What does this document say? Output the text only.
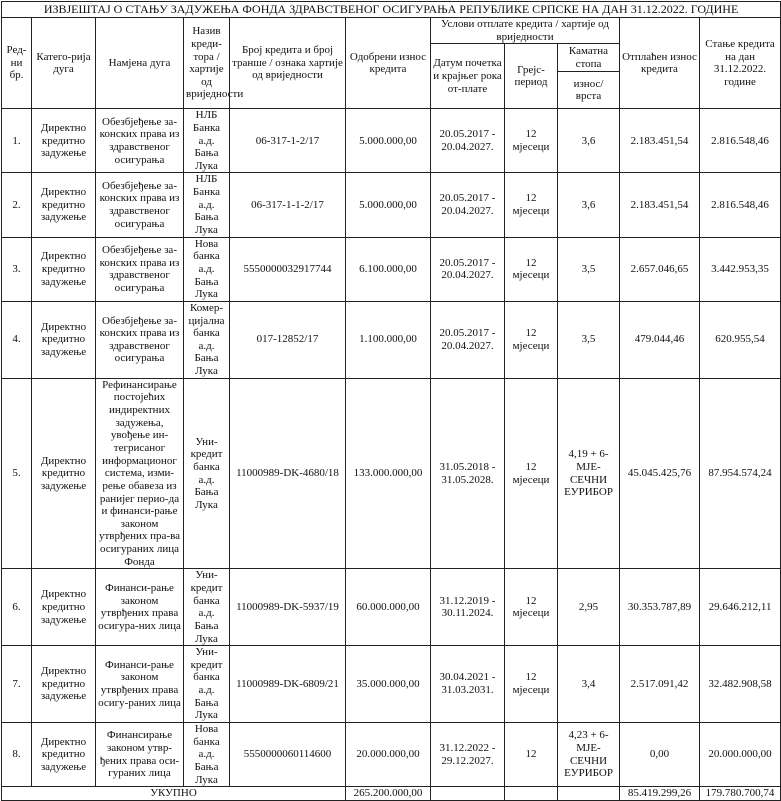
ИЗВЈЕШТАЈ О СТАЊУ ЗАДУЖЕЊА ФОНДА ЗДРАВСТВЕНОГ ОСИГУРАЊА РЕПУБЛИКЕ СРПСКЕ НА ДАН 31.12.2022. ГОДИНЕ										
Ред-ни бр.	Катего-рија дуга	Намјена дуга	Назив креди-тора / хартије од вриједности	Број кредита и број транше / ознака хартије од вриједности	Одобрени износ кредита	Услови отплате кредита / хартије од вриједности			Отплаћен износ кредита	Стање кредита на дан 31.12.2022. године
						Датум почетка и крајњег рока от-плате	Грејс-период	Каматна стопа		
								износ/ врста		
1.	Директно кредитно задужење	Обезбјеђење за-конских права из здравственог осигурања	НЛБ Банка а.д. Бања Лука	06-317-1-2/17	5.000.000,00	20.05.2017 - 20.04.2027.	12 мјесеци	3,6	2.183.451,54	2.816.548,46
2.	Директно кредитно задужење	Обезбјеђење за-конских права из здравственог осигурања	НЛБ Банка а.д. Бања Лука	06-317-1-1-2/17	5.000.000,00	20.05.2017 - 20.04.2027.	12 мјесеци	3,6	2.183.451,54	2.816.548,46
3.	Директно кредитно задужење	Обезбјеђење за-конских права из здравственог осигурања	Нова банка а.д. Бања Лука	5550000032917744	6.100.000,00	20.05.2017 - 20.04.2027.	12 мјесеци	3,5	2.657.046,65	3.442.953,35
4.	Директно кредитно задужење	Обезбјеђење за-конских права из здравственог осигурања	Комер-цијална банка а.д. Бања Лука	017-12852/17	1.100.000,00	20.05.2017 - 20.04.2027.	12 мјесеци	3,5	479.044,46	620.955,54
5.	Директно кредитно задужење	Рефинансирање постојећих индиректних задужења, увођење ин-тегрисаног информационог система, изми-рење обавеза из ранијег перио-да и финанси-рање законом утврђених пра-ва осигураних лица Фонда	Уни-кредит банка а.д. Бања Лука	11000989-DK-4680/18	133.000.000,00	31.05.2018 - 31.05.2028.	12 мјесеци	4,19 + 6-МЈЕ-СЕЧНИ ЕУРИБОР	45.045.425,76	87.954.574,24
6.	Директно кредитно задужење	Финанси-рање законом утврђених права осигура-них лица	Уни-кредит банка а.д. Бања Лука	11000989-DK-5937/19	60.000.000,00	31.12.2019 - 30.11.2024.	12 мјесеци	2,95	30.353.787,89	29.646.212,11
7.	Директно кредитно задужење	Финанси-рање законом утврђених права осигу-раних лица	Уни-кредит банка а.д. Бања Лука	11000989-DK-6809/21	35.000.000,00	30.04.2021 - 31.03.2031.	12 мјесеци	3,4	2.517.091,42	32.482.908,58
8.	Директно кредитно задужење	Финансирање законом утвр-ђених права оси-гураних лица	Нова банка а.д. Бања Лука	5550000060114600	20.000.000,00	31.12.2022 - 29.12.2027.	12	4,23 + 6-МЈЕ-СЕЧНИ ЕУРИБОР	0,00	20.000.000,00
УКУПНО					265.200.000,00				85.419.299,26	179.780.700,74
